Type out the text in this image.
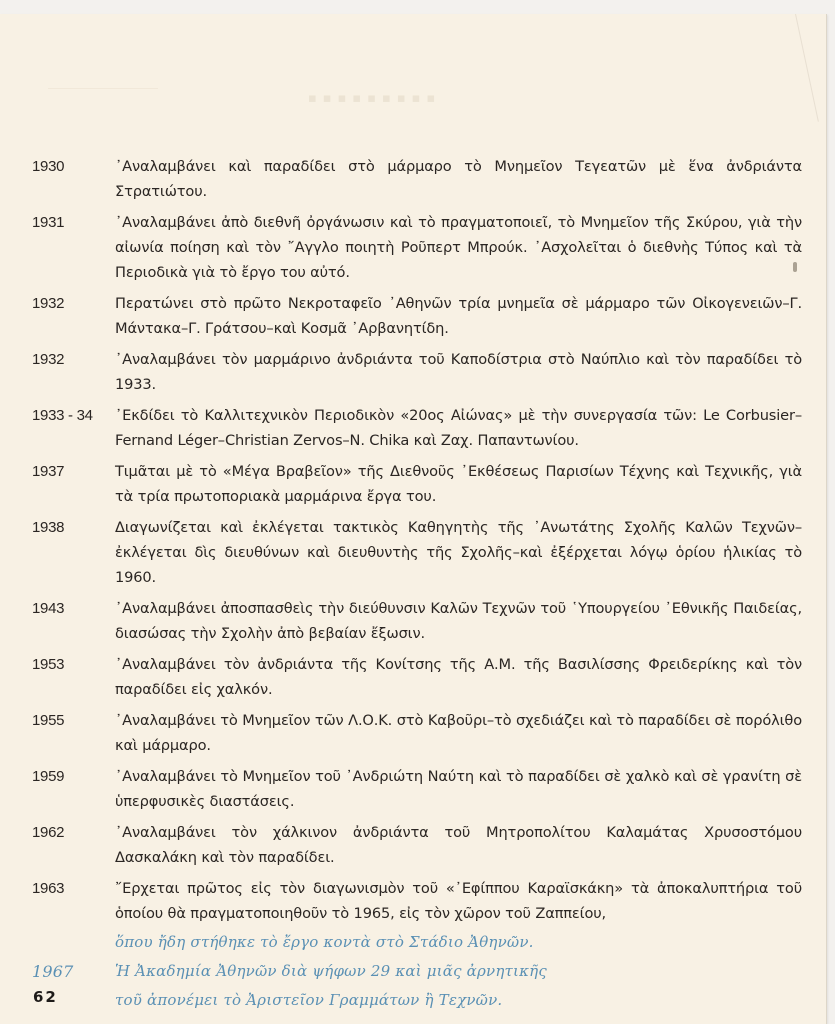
▪▪▪▪▪▪▪▪▪
1930	᾿Αναλαμβάνει καὶ παραδίδει στὸ μάρμαρο τὸ Μνημεῖον Τεγεατῶν μὲ ἕνα ἀνδριάντα Στρατιώτου.
1931	᾿Αναλαμβάνει ἀπὸ διεθνῆ ὀργάνωσιν καὶ τὸ πραγματοποιεῖ, τὸ Μνημεῖον τῆς Σκύρου, γιὰ τὴν αἰωνία ποίηση καὶ τὸν ῎Αγγλο ποιητὴ Ροῦπερτ Μπρούκ. ᾿Ασχολεῖται ὁ διεθνὴς Τύπος καὶ τὰ Περιοδικὰ γιὰ τὸ ἔργο του αὐτό.
1932	Περατώνει στὸ πρῶτο Νεκροταφεῖο ᾿Αθηνῶν τρία μνημεῖα σὲ μάρμαρο τῶν Οἰκογενειῶν–Γ. Μάντακα–Γ. Γράτσου–καὶ Κοσμᾶ ᾿Αρβανητίδη.
1932	᾿Αναλαμβάνει τὸν μαρμάρινο ἀνδριάντα τοῦ Καποδίστρια στὸ Ναύπλιο καὶ τὸν παραδίδει τὸ 1933.
1933 - 34	᾿Εκδίδει τὸ Καλλιτεχνικὸν Περιοδικὸν «20ος Αἰώνας» μὲ τὴν συνεργασία τῶν: Le Corbusier–Fernand Léger–Christian Zervos–N. Chika καὶ Ζαχ. Παπαντωνίου.
1937	Τιμᾶται μὲ τὸ «Μέγα Βραβεῖον» τῆς Διεθνοῦς ᾿Εκθέσεως Παρισίων Τέχνης καὶ Τεχνικῆς, γιὰ τὰ τρία πρωτοποριακὰ μαρμάρινα ἔργα του.
1938	Διαγωνίζεται καὶ ἐκλέγεται τακτικὸς Καθηγητὴς τῆς ᾿Ανωτάτης Σχολῆς Καλῶν Τεχνῶν–ἐκλέγεται δὶς διευθύνων καὶ διευθυντὴς τῆς Σχολῆς–καὶ ἐξέρχεται λόγῳ ὁρίου ἡλικίας τὸ 1960.
1943	᾿Αναλαμβάνει ἀποσπασθεὶς τὴν διεύθυνσιν Καλῶν Τεχνῶν τοῦ ῾Υπουργείου ᾿Εθνικῆς Παιδείας, διασώσας τὴν Σχολὴν ἀπὸ βεβαίαν ἔξωσιν.
1953	᾿Αναλαμβάνει τὸν ἀνδριάντα τῆς Κονίτσης τῆς Α.Μ. τῆς Βασιλίσσης Φρειδερίκης καὶ τὸν παραδίδει εἰς χαλκόν.
1955	᾿Αναλαμβάνει τὸ Μνημεῖον τῶν Λ.Ο.Κ. στὸ Καβοῦρι–τὸ σχεδιάζει καὶ τὸ παραδίδει σὲ πορόλιθο καὶ μάρμαρο.
1959	᾿Αναλαμβάνει τὸ Μνημεῖον τοῦ ᾿Ανδριώτη Ναύτη καὶ τὸ παραδίδει σὲ χαλκὸ καὶ σὲ γρανίτη σὲ ὑπερφυσικὲς διαστάσεις.
1962	᾿Αναλαμβάνει τὸν χάλκινον ἀνδριάντα τοῦ Μητροπολίτου Καλαμάτας Χρυσοστόμου Δασκαλάκη καὶ τὸν παραδίδει.
1963	῎Ερχεται πρῶτος εἰς τὸν διαγωνισμὸν τοῦ «᾿Εφίππου Καραϊσκάκη» τὰ ἀποκαλυπτήρια τοῦ ὁποίου θὰ πραγματοποιηθοῦν τὸ 1965, εἰς τὸν χῶρον τοῦ Ζαππείου,
ὅπου ἤδη στήθηκε τὸ ἔργο κοντὰ στὸ Στάδιο Ἀθηνῶν.
1967	Ἡ Ἀκαδημία Ἀθηνῶν διὰ ψήφων 29 καὶ μιᾶς ἀρνητικῆς
τοῦ ἀπονέμει τὸ Ἀριστεῖον Γραμμάτων ἢ Τεχνῶν.
62
